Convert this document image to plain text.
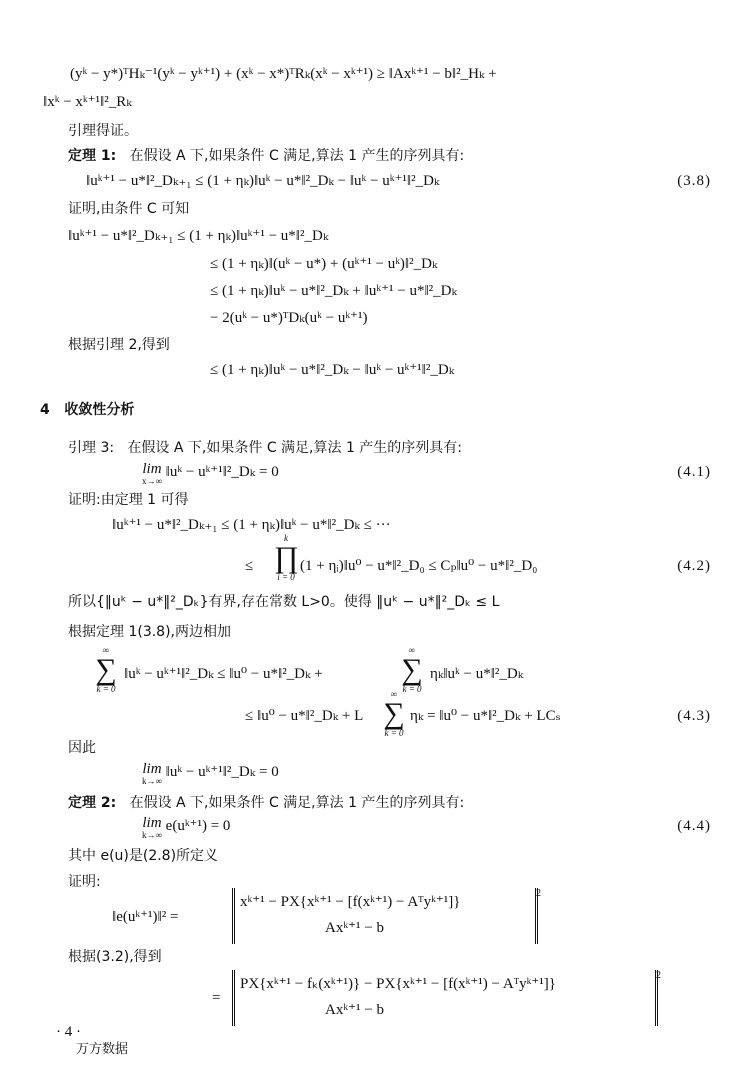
(yᵏ − y*)ᵀHₖ⁻¹(yᵏ − yᵏ⁺¹) + (xᵏ − x*)ᵀRₖ(xᵏ − xᵏ⁺¹) ≥ ‖Axᵏ⁺¹ − b‖²_Hₖ +
‖xᵏ − xᵏ⁺¹‖²_Rₖ
引理得证。
定理 1: 在假设 A 下,如果条件 C 满足,算法 1 产生的序列具有:
‖uᵏ⁺¹ − u*‖²_Dₖ₊₁ ≤ (1 + ηₖ)‖uᵏ − u*‖²_Dₖ − ‖uᵏ − uᵏ⁺¹‖²_Dₖ	(3.8)
证明,由条件 C 可知
‖uᵏ⁺¹ − u*‖²_Dₖ₊₁ ≤ (1 + ηₖ)‖uᵏ⁺¹ − u*‖²_Dₖ
≤ (1 + ηₖ)‖(uᵏ − u*) + (uᵏ⁺¹ − uᵏ)‖²_Dₖ
≤ (1 + ηₖ)‖uᵏ − u*‖²_Dₖ + ‖uᵏ⁺¹ − u*‖²_Dₖ
− 2(uᵏ − u*)ᵀDₖ(uᵏ − uᵏ⁺¹)
根据引理 2,得到
≤ (1 + ηₖ)‖uᵏ − u*‖²_Dₖ − ‖uᵏ − uᵏ⁺¹‖²_Dₖ
4 收敛性分析
引理 3: 在假设 A 下,如果条件 C 满足,算法 1 产生的序列具有:
lim
x→∞
‖uᵏ − uᵏ⁺¹‖²_Dₖ = 0	(4.1)
证明:由定理 1 可得
‖uᵏ⁺¹ − u*‖²_Dₖ₊₁ ≤ (1 + ηₖ)‖uᵏ − u*‖²_Dₖ ≤ ···
≤
k
∏
i = 0
(1 + ηᵢ)‖u⁰ − u*‖²_D₀ ≤ Cₚ‖u⁰ − u*‖²_D₀	(4.2)
所以{‖uᵏ − u*‖²_Dₖ}有界,存在常数 L>0。使得 ‖uᵏ − u*‖²_Dₖ ≤ L
根据定理 1(3.8),两边相加
∞
∑
k = 0
‖uᵏ − uᵏ⁺¹‖²_Dₖ ≤ ‖u⁰ − u*‖²_Dₖ +
∞
∑
k = 0
ηₖ‖uᵏ − u*‖²_Dₖ
≤ ‖u⁰ − u*‖²_Dₖ + L
∞
∑
k = 0
ηₖ = ‖u⁰ − u*‖²_Dₖ + LCₛ	(4.3)
因此
lim
k→∞
‖uᵏ − uᵏ⁺¹‖²_Dₖ = 0
定理 2: 在假设 A 下,如果条件 C 满足,算法 1 产生的序列具有:
lim
k→∞
e(uᵏ⁺¹) = 0	(4.4)
其中 e(u)是(2.8)所定义
证明:
‖e(uᵏ⁺¹)‖² =
xᵏ⁺¹ − PX{xᵏ⁺¹ − [f(xᵏ⁺¹) − Aᵀyᵏ⁺¹]}
Axᵏ⁺¹ − b
2
根据(3.2),得到
=
PX{xᵏ⁺¹ − fₖ(xᵏ⁺¹)} − PX{xᵏ⁺¹ − [f(xᵏ⁺¹) − Aᵀyᵏ⁺¹]}
Axᵏ⁺¹ − b
2
· 4 ·
万方数据
